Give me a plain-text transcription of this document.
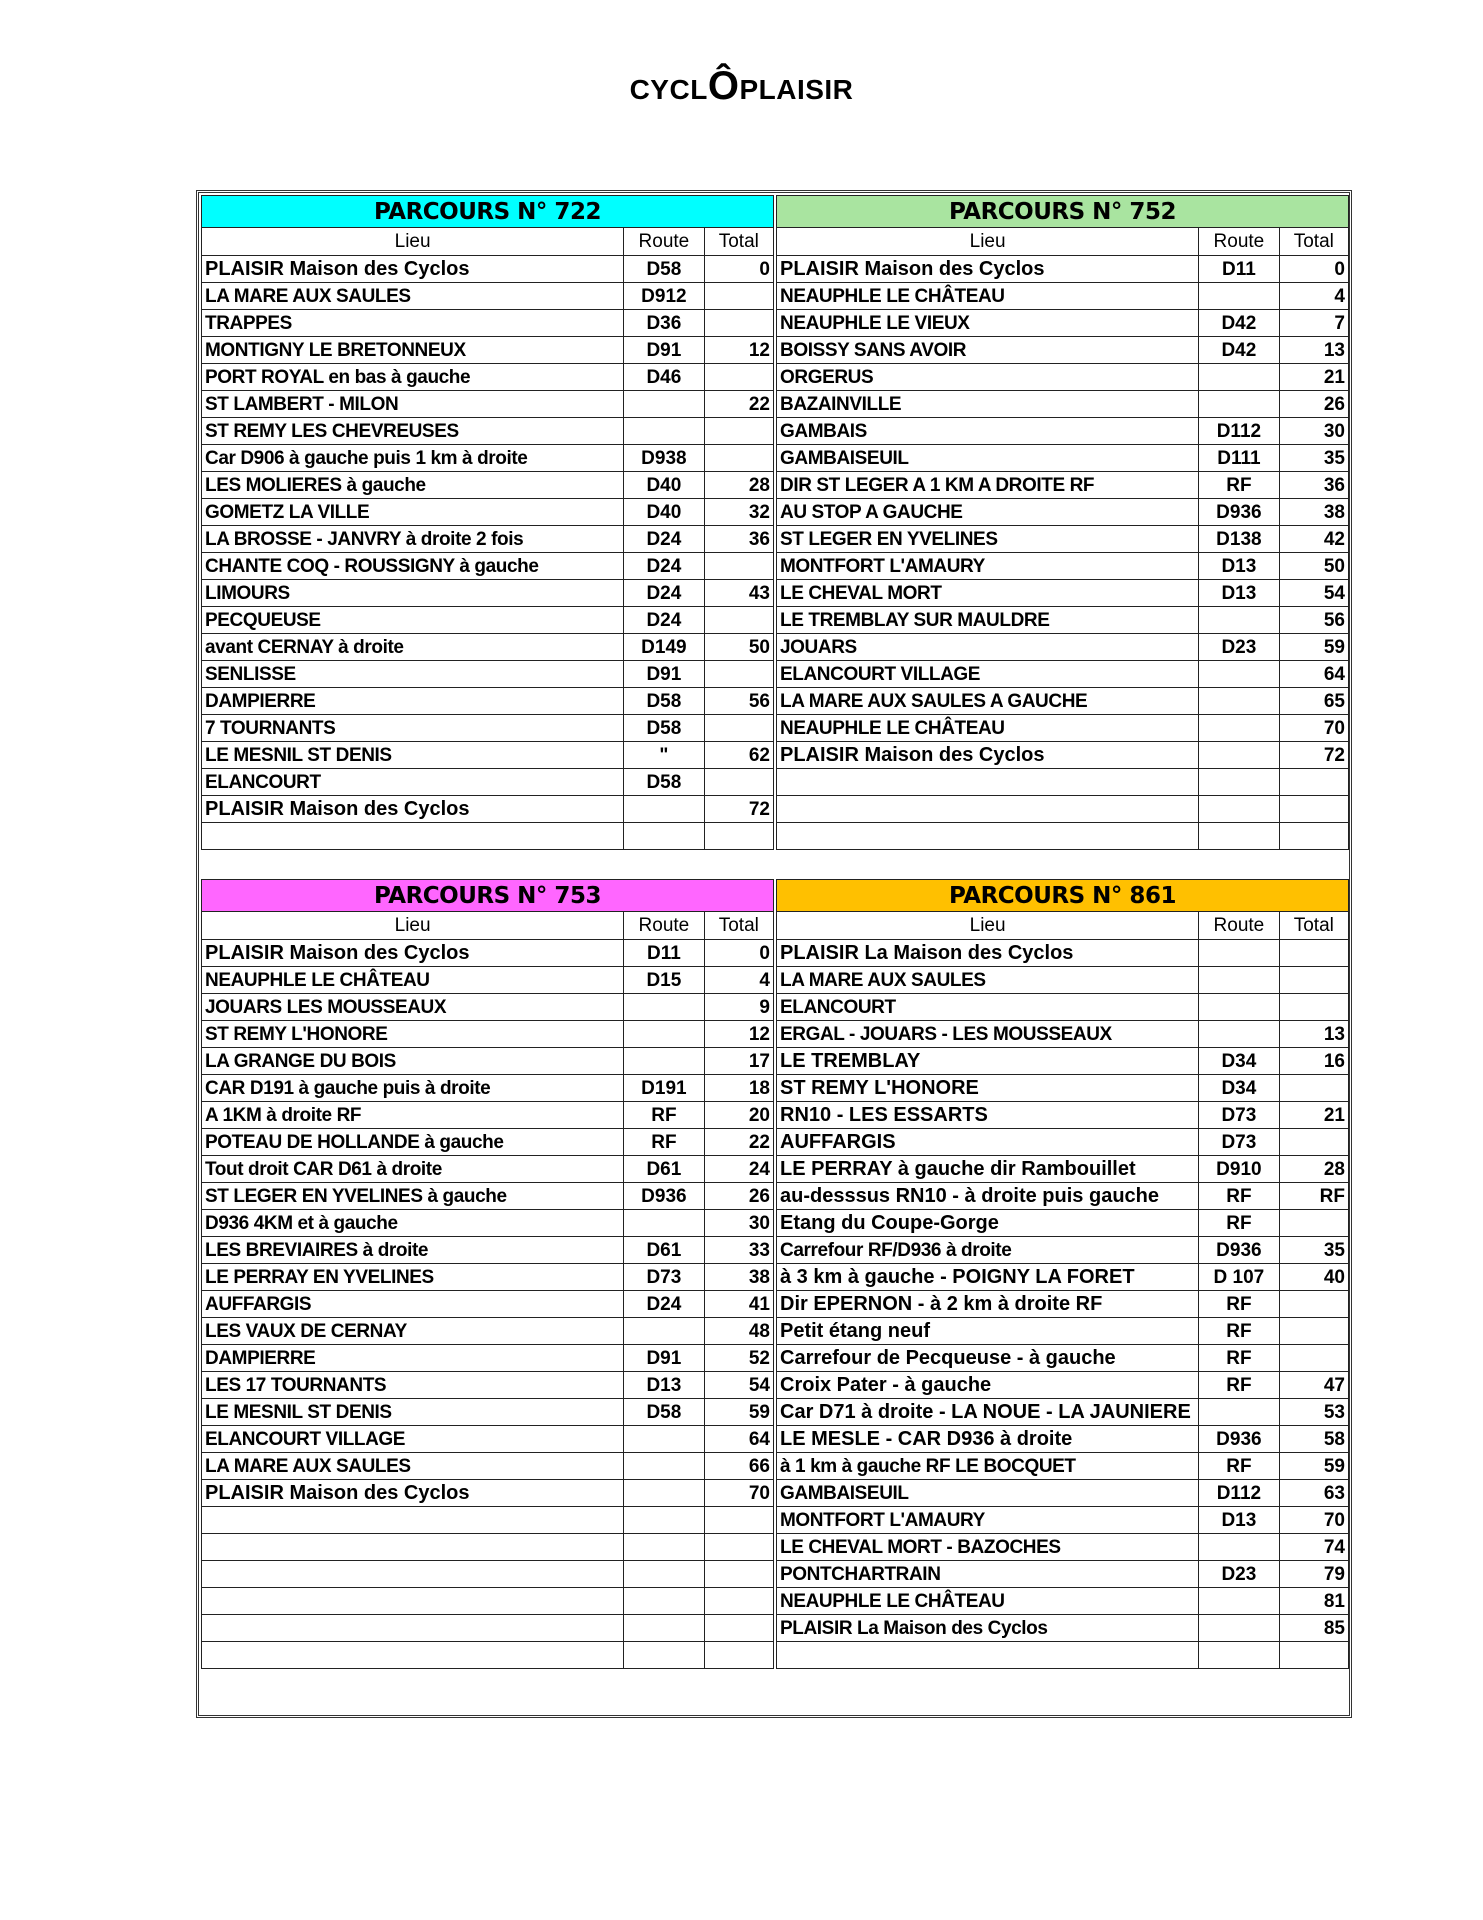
CYCLÔPLAISIR
PARCOURS N° 722		
Lieu	Route	Total
PLAISIR Maison des Cyclos	D58	0
LA MARE AUX SAULES	D912	
TRAPPES	D36	
MONTIGNY LE BRETONNEUX	D91	12
PORT ROYAL en bas à gauche	D46	
ST LAMBERT - MILON		22
ST REMY LES CHEVREUSES		
Car D906 à gauche puis 1 km à droite	D938	
LES MOLIERES à gauche	D40	28
GOMETZ LA VILLE	D40	32
LA BROSSE - JANVRY à droite 2 fois	D24	36
CHANTE COQ - ROUSSIGNY à gauche	D24	
LIMOURS	D24	43
PECQUEUSE	D24	
avant CERNAY à droite	D149	50
SENLISSE	D91	
DAMPIERRE	D58	56
7 TOURNANTS	D58	
LE MESNIL ST DENIS	"	62
ELANCOURT	D58	
PLAISIR Maison des Cyclos		72

PARCOURS N° 752		
Lieu	Route	Total
PLAISIR Maison des Cyclos	D11	0
NEAUPHLE LE CHÂTEAU		4
NEAUPHLE LE VIEUX	D42	7
BOISSY SANS AVOIR	D42	13
ORGERUS		21
BAZAINVILLE		26
GAMBAIS	D112	30
GAMBAISEUIL	D111	35
DIR ST LEGER A 1 KM A DROITE RF	RF	36
AU STOP A GAUCHE	D936	38
ST LEGER EN YVELINES	D138	42
MONTFORT L'AMAURY	D13	50
LE CHEVAL MORT	D13	54
LE TREMBLAY SUR MAULDRE		56
JOUARS	D23	59
ELANCOURT VILLAGE		64
LA MARE AUX SAULES A GAUCHE		65
NEAUPHLE LE CHÂTEAU		70
PLAISIR Maison des Cyclos		72

PARCOURS N° 753		
Lieu	Route	Total
PLAISIR Maison des Cyclos	D11	0
NEAUPHLE LE CHÂTEAU	D15	4
JOUARS LES MOUSSEAUX		9
ST REMY L'HONORE		12
LA GRANGE DU BOIS		17
CAR D191 à gauche puis à droite	D191	18
A 1KM à droite RF	RF	20
POTEAU DE HOLLANDE à gauche	RF	22
Tout droit CAR D61 à droite	D61	24
ST LEGER EN YVELINES à gauche	D936	26
D936 4KM et à gauche		30
LES BREVIAIRES à droite	D61	33
LE PERRAY EN YVELINES	D73	38
AUFFARGIS	D24	41
LES VAUX DE CERNAY		48
DAMPIERRE	D91	52
LES 17 TOURNANTS	D13	54
LE MESNIL ST DENIS	D58	59
ELANCOURT VILLAGE		64
LA MARE AUX SAULES		66
PLAISIR Maison des Cyclos		70

PARCOURS N° 861		
Lieu	Route	Total
PLAISIR La Maison des Cyclos		
LA MARE AUX SAULES		
ELANCOURT		
ERGAL - JOUARS - LES MOUSSEAUX		13
LE TREMBLAY	D34	16
ST REMY L'HONORE	D34	
RN10 - LES ESSARTS	D73	21
AUFFARGIS	D73	
LE PERRAY à gauche dir Rambouillet	D910	28
au-desssus RN10 - à droite puis gauche	RF	RF
Etang du Coupe-Gorge	RF	
Carrefour RF/D936 à droite	D936	35
à 3 km à gauche - POIGNY LA FORET	D 107	40
Dir EPERNON - à 2 km à droite RF	RF	
Petit étang neuf	RF	
Carrefour de Pecqueuse - à gauche	RF	
Croix Pater - à gauche	RF	47
Car D71 à droite - LA NOUE - LA JAUNIERE		53
LE MESLE - CAR D936 à droite	D936	58
à 1 km à gauche RF LE BOCQUET	RF	59
GAMBAISEUIL	D112	63
MONTFORT L'AMAURY	D13	70
LE CHEVAL MORT - BAZOCHES		74
PONTCHARTRAIN	D23	79
NEAUPHLE LE CHÂTEAU		81
PLAISIR La Maison des Cyclos		85
